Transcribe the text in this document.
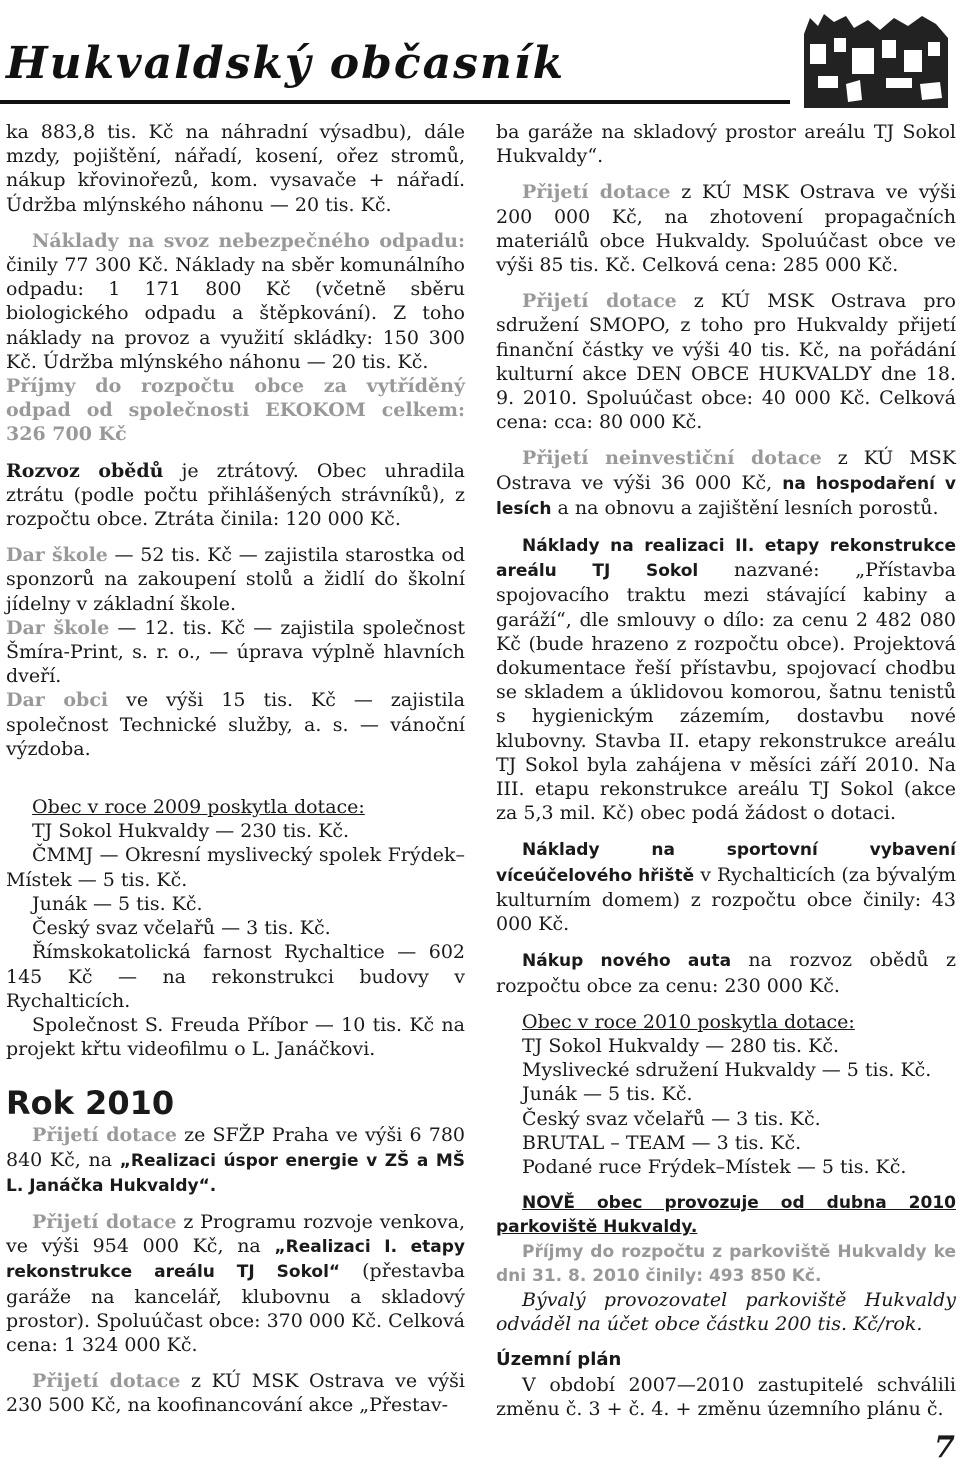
Hukvaldský občasník

ka 883,8 tis. Kč na náhradní výsadbu), dále mzdy, pojištění, nářadí, kosení, ořez stromů, nákup křovinořezů, kom. vysavače + nářadí. Údržba mlýnského náhonu — 20 tis. Kč.

Náklady na svoz nebezpečného odpadu: činily 77 300 Kč. Náklady na sběr komunálního odpadu: 1 171 800 Kč (včetně sběru biologického odpadu a štěpkování). Z toho náklady na provoz a využití skládky: 150 300 Kč. Údržba mlýnského náhonu — 20 tis. Kč.

Příjmy do rozpočtu obce za vytříděný odpad od společnosti EKOKOM celkem: 326 700 Kč

Rozvoz obědů je ztrátový. Obec uhradila ztrátu (podle počtu přihlášených strávníků), z rozpočtu obce. Ztráta činila: 120 000 Kč.

Dar škole — 52 tis. Kč — zajistila starostka od sponzorů na zakoupení stolů a židlí do školní jídelny v základní škole.

Dar škole — 12. tis. Kč — zajistila společnost Šmíra-Print, s. r. o., — úprava výplně hlavních dveří.

Dar obci ve výši 15 tis. Kč — zajistila společnost Technické služby, a. s. — vánoční výzdoba.

Obec v roce 2009 poskytla dotace:

TJ Sokol Hukvaldy — 230 tis. Kč.

ČMMJ — Okresní myslivecký spolek Frýdek–Místek — 5 tis. Kč.

Junák — 5 tis. Kč.

Český svaz včelařů — 3 tis. Kč.

Římskokatolická farnost Rychaltice — 602 145 Kč — na rekonstrukci budovy v Rychalticích.

Společnost S. Freuda Příbor — 10 tis. Kč na projekt křtu videofilmu o L. Janáčkovi.

Rok 2010

Přijetí dotace ze SFŽP Praha ve výši 6 780 840 Kč, na „Realizaci úspor energie v ZŠ a MŠ L. Janáčka Hukvaldy“.

Přijetí dotace z Programu rozvoje venkova, ve výši 954 000 Kč, na „Realizaci I. etapy rekonstrukce areálu TJ Sokol“ (přestavba garáže na kancelář, klubovnu a skladový prostor). Spoluúčast obce: 370 000 Kč. Celková cena: 1 324 000 Kč.

Přijetí dotace z KÚ MSK Ostrava ve výši 230 500 Kč, na koofinancování akce „Přestav-

ba garáže na skladový prostor areálu TJ Sokol Hukvaldy“.

Přijetí dotace z KÚ MSK Ostrava ve výši 200 000 Kč, na zhotovení propagačních materiálů obce Hukvaldy. Spoluúčast obce ve výši 85 tis. Kč. Celková cena: 285 000 Kč.

Přijetí dotace z KÚ MSK Ostrava pro sdružení SMOPO, z toho pro Hukvaldy přijetí finanční částky ve výši 40 tis. Kč, na pořádání kulturní akce DEN OBCE HUKVALDY dne 18. 9. 2010. Spoluúčast obce: 40 000 Kč. Celková cena: cca: 80 000 Kč.

Přijetí neinvestiční dotace z KÚ MSK Ostrava ve výši 36 000 Kč, na hospodaření v lesích a na obnovu a zajištění lesních porostů.

Náklady na realizaci II. etapy rekonstrukce areálu TJ Sokol nazvané: „Přístavba spojovacího traktu mezi stávající kabiny a garáží“, dle smlouvy o dílo: za cenu 2 482 080 Kč (bude hrazeno z rozpočtu obce). Projektová dokumentace řeší přístavbu, spojovací chodbu se skladem a úklidovou komorou, šatnu tenistů s hygienickým zázemím, dostavbu nové klubovny. Stavba II. etapy rekonstrukce areálu TJ Sokol byla zahájena v měsíci září 2010. Na III. etapu rekonstrukce areálu TJ Sokol (akce za 5,3 mil. Kč) obec podá žádost o dotaci.

Náklady na sportovní vybavení víceúčelového hřiště v Rychalticích (za bývalým kulturním domem) z rozpočtu obce činily: 43 000 Kč.

Nákup nového auta na rozvoz obědů z rozpočtu obce za cenu: 230 000 Kč.

Obec v roce 2010 poskytla dotace:

TJ Sokol Hukvaldy — 280 tis. Kč.

Myslivecké sdružení Hukvaldy — 5 tis. Kč.

Junák — 5 tis. Kč.

Český svaz včelařů — 3 tis. Kč.

BRUTAL – TEAM — 3 tis. Kč.

Podané ruce Frýdek–Místek — 5 tis. Kč.

NOVĚ obec provozuje od dubna 2010 parkoviště Hukvaldy.

Příjmy do rozpočtu z parkoviště Hukvaldy ke dni 31. 8. 2010 činily: 493 850 Kč.

Bývalý provozovatel parkoviště Hukvaldy odváděl na účet obce částku 200 tis. Kč/rok.

Územní plán

V období 2007—2010 zastupitelé schválili změnu č. 3 + č. 4. + změnu územního plánu č.

7
